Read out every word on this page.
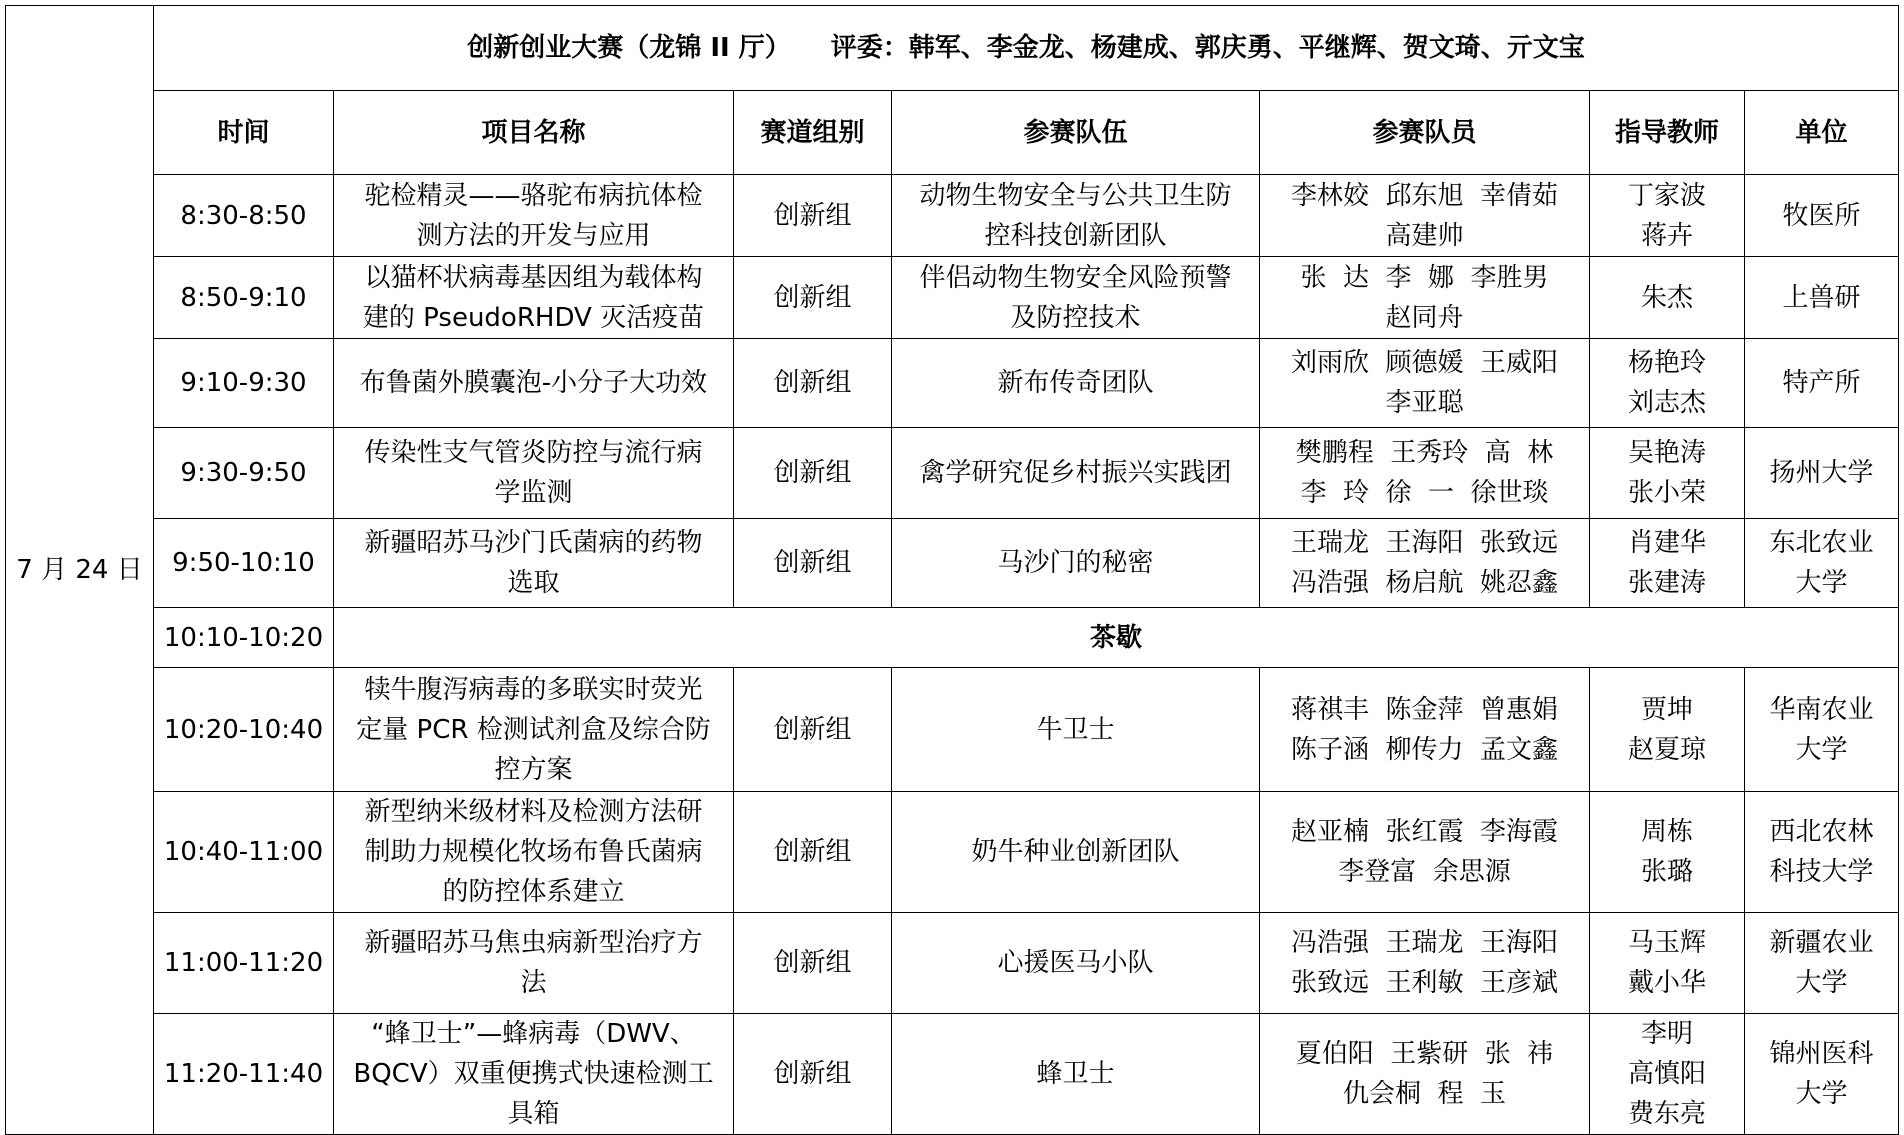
7 月 24 日	创新创业大赛（龙锦 II 厅） 评委：韩军、李金龙、杨建成、郭庆勇、平继辉、贺文琦、亓文宝						
	时间	项目名称	赛道组别	参赛队伍	参赛队员	指导教师	单位
	8:30-8:50	驼检精灵——骆驼布病抗体检
测方法的开发与应用	创新组	动物生物安全与公共卫生防
控科技创新团队	李林姣  邱东旭  幸倩茹
高建帅	丁家波
蒋卉	牧医所

	8:50-9:10	以猫杯状病毒基因组为载体构
建的 PseudoRHDV 灭活疫苗	创新组	伴侣动物生物安全风险预警
及防控技术	张  达  李  娜  李胜男
赵同舟	朱杰	上兽研

	9:10-9:30	布鲁菌外膜囊泡-小分子大功效	创新组	新布传奇团队	刘雨欣  顾德媛  王威阳
李亚聪	杨艳玲
刘志杰	特产所

	9:30-9:50	传染性支气管炎防控与流行病
学监测	创新组	禽学研究促乡村振兴实践团	樊鹏程  王秀玲  高  林
李  玲  徐  一  徐世琰	吴艳涛
张小荣	扬州大学

	9:50-10:10	新疆昭苏马沙门氏菌病的药物
选取	创新组	马沙门的秘密	王瑞龙  王海阳  张致远
冯浩强  杨启航  姚忍鑫	肖建华
张建涛	东北农业
大学

	10:10-10:20	茶歇					
	10:20-10:40	犊牛腹泻病毒的多联实时荧光
定量 PCR 检测试剂盒及综合防
控方案	创新组	牛卫士	蒋祺丰  陈金萍  曾惠娟
陈子涵  柳传力  孟文鑫	贾坤
赵夏琼	华南农业
大学

	10:40-11:00	新型纳米级材料及检测方法研
制助力规模化牧场布鲁氏菌病
的防控体系建立	创新组	奶牛种业创新团队	赵亚楠  张红霞  李海霞
李登富  余思源	周栋
张璐	西北农林
科技大学

	11:00-11:20	新疆昭苏马焦虫病新型治疗方
法	创新组	心援医马小队	冯浩强  王瑞龙  王海阳
张致远  王利敏  王彦斌	马玉辉
戴小华	新疆农业
大学

	11:20-11:40	“蜂卫士”—蜂病毒（DWV、
BQCV）双重便携式快速检测工
具箱	创新组	蜂卫士	夏伯阳  王紫研  张  祎
仇会桐  程  玉	李明
高慎阳
费东亮	锦州医科
大学
